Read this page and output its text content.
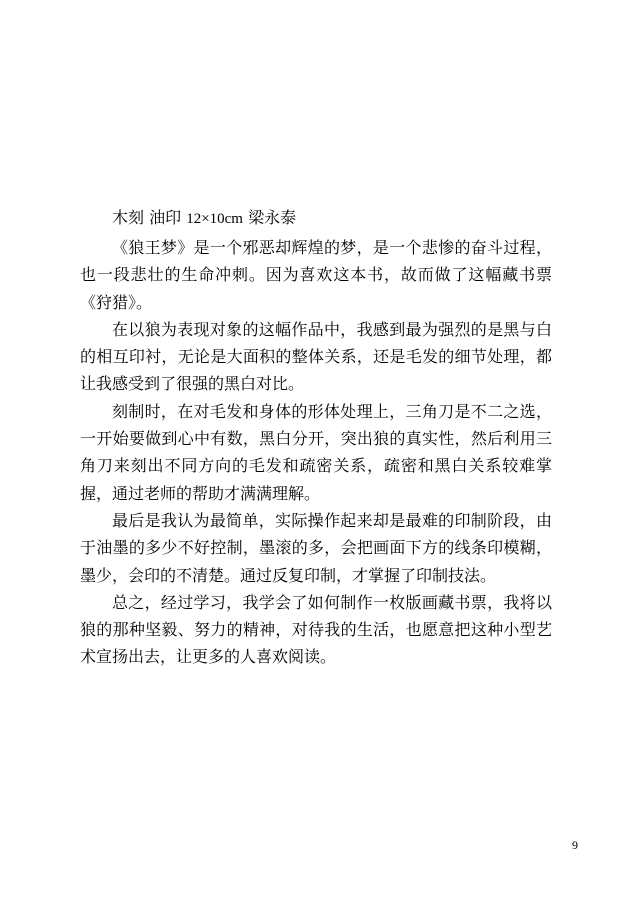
木刻 油印 12×10cm 梁永泰

《狼王梦》是一个邪恶却辉煌的梦，是一个悲惨的奋斗过程，也一段悲壮的生命冲刺。因为喜欢这本书，故而做了这幅藏书票《狩猎》。

在以狼为表现对象的这幅作品中，我感到最为强烈的是黑与白的相互印衬，无论是大面积的整体关系，还是毛发的细节处理，都让我感受到了很强的黑白对比。

刻制时，在对毛发和身体的形体处理上，三角刀是不二之选，一开始要做到心中有数，黑白分开，突出狼的真实性，然后利用三角刀来刻出不同方向的毛发和疏密关系，疏密和黑白关系较难掌握，通过老师的帮助才满满理解。

最后是我认为最简单，实际操作起来却是最难的印制阶段，由于油墨的多少不好控制，墨滚的多，会把画面下方的线条印模糊，墨少，会印的不清楚。通过反复印制，才掌握了印制技法。

总之，经过学习，我学会了如何制作一枚版画藏书票，我将以狼的那种坚毅、努力的精神，对待我的生活，也愿意把这种小型艺术宣扬出去，让更多的人喜欢阅读。

9
